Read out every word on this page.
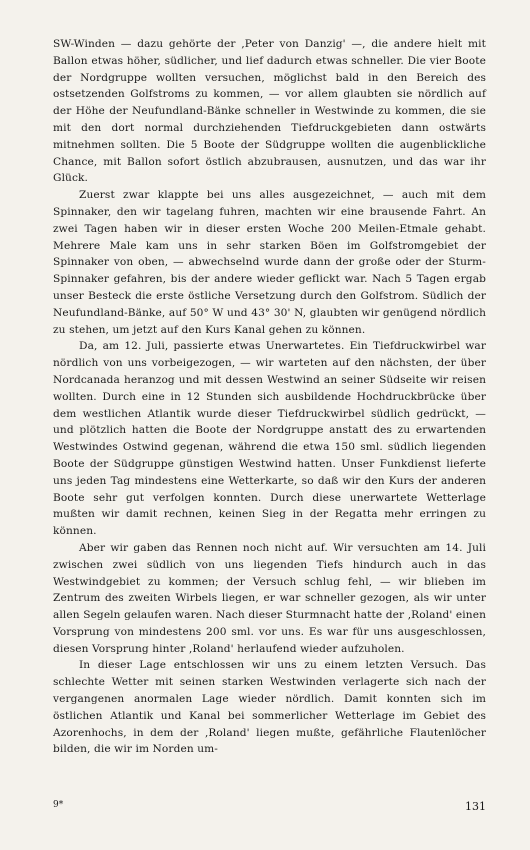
SW-Winden — dazu gehörte der ‚Peter von Danzig' —, die andere hielt mit Ballon etwas höher, südlicher, und lief dadurch etwas schneller. Die vier Boote der Nordgruppe wollten versuchen, möglichst bald in den Bereich des ostsetzenden Golfstroms zu kommen, — vor allem glaubten sie nördlich auf der Höhe der Neufundland-Bänke schneller in Westwinde zu kommen, die sie mit den dort normal durchziehenden Tiefdruckgebieten dann ostwärts mitnehmen sollten. Die 5 Boote der Südgruppe wollten die augenblickliche Chance, mit Ballon sofort östlich abzubrausen, ausnutzen, und das war ihr Glück.

Zuerst zwar klappte bei uns alles ausgezeichnet, — auch mit dem Spinnaker, den wir tagelang fuhren, machten wir eine brausende Fahrt. An zwei Tagen haben wir in dieser ersten Woche 200 Meilen-Etmale gehabt. Mehrere Male kam uns in sehr starken Böen im Golfstromgebiet der Spinnaker von oben, — abwechselnd wurde dann der große oder der Sturm-Spinnaker gefahren, bis der andere wieder geflickt war. Nach 5 Tagen ergab unser Besteck die erste östliche Versetzung durch den Golfstrom. Südlich der Neufundland-Bänke, auf 50° W und 43° 30' N, glaubten wir genügend nördlich zu stehen, um jetzt auf den Kurs Kanal gehen zu können.

Da, am 12. Juli, passierte etwas Unerwartetes. Ein Tiefdruckwirbel war nördlich von uns vorbeigezogen, — wir warteten auf den nächsten, der über Nordcanada heranzog und mit dessen Westwind an seiner Südseite wir reisen wollten. Durch eine in 12 Stunden sich ausbildende Hochdruckbrücke über dem westlichen Atlantik wurde dieser Tiefdruckwirbel südlich gedrückt, — und plötzlich hatten die Boote der Nordgruppe anstatt des zu erwartenden Westwindes Ostwind gegenan, während die etwa 150 sml. südlich liegenden Boote der Südgruppe günstigen Westwind hatten. Unser Funkdienst lieferte uns jeden Tag mindestens eine Wetterkarte, so daß wir den Kurs der anderen Boote sehr gut verfolgen konnten. Durch diese unerwartete Wetterlage mußten wir damit rechnen, keinen Sieg in der Regatta mehr erringen zu können.

Aber wir gaben das Rennen noch nicht auf. Wir versuchten am 14. Juli zwischen zwei südlich von uns liegenden Tiefs hindurch auch in das Westwindgebiet zu kommen; der Versuch schlug fehl, — wir blieben im Zentrum des zweiten Wirbels liegen, er war schneller gezogen, als wir unter allen Segeln gelaufen waren. Nach dieser Sturmnacht hatte der ‚Roland' einen Vorsprung von mindestens 200 sml. vor uns. Es war für uns ausgeschlossen, diesen Vorsprung hinter ‚Roland' herlaufend wieder aufzuholen.

In dieser Lage entschlossen wir uns zu einem letzten Versuch. Das schlechte Wetter mit seinen starken Westwinden verlagerte sich nach der vergangenen anormalen Lage wieder nördlich. Damit konnten sich im östlichen Atlantik und Kanal bei sommerlicher Wetterlage im Gebiet des Azorenhochs, in dem der ‚Roland' liegen mußte, gefährliche Flautenlöcher bilden, die wir im Norden um-

9*	131
